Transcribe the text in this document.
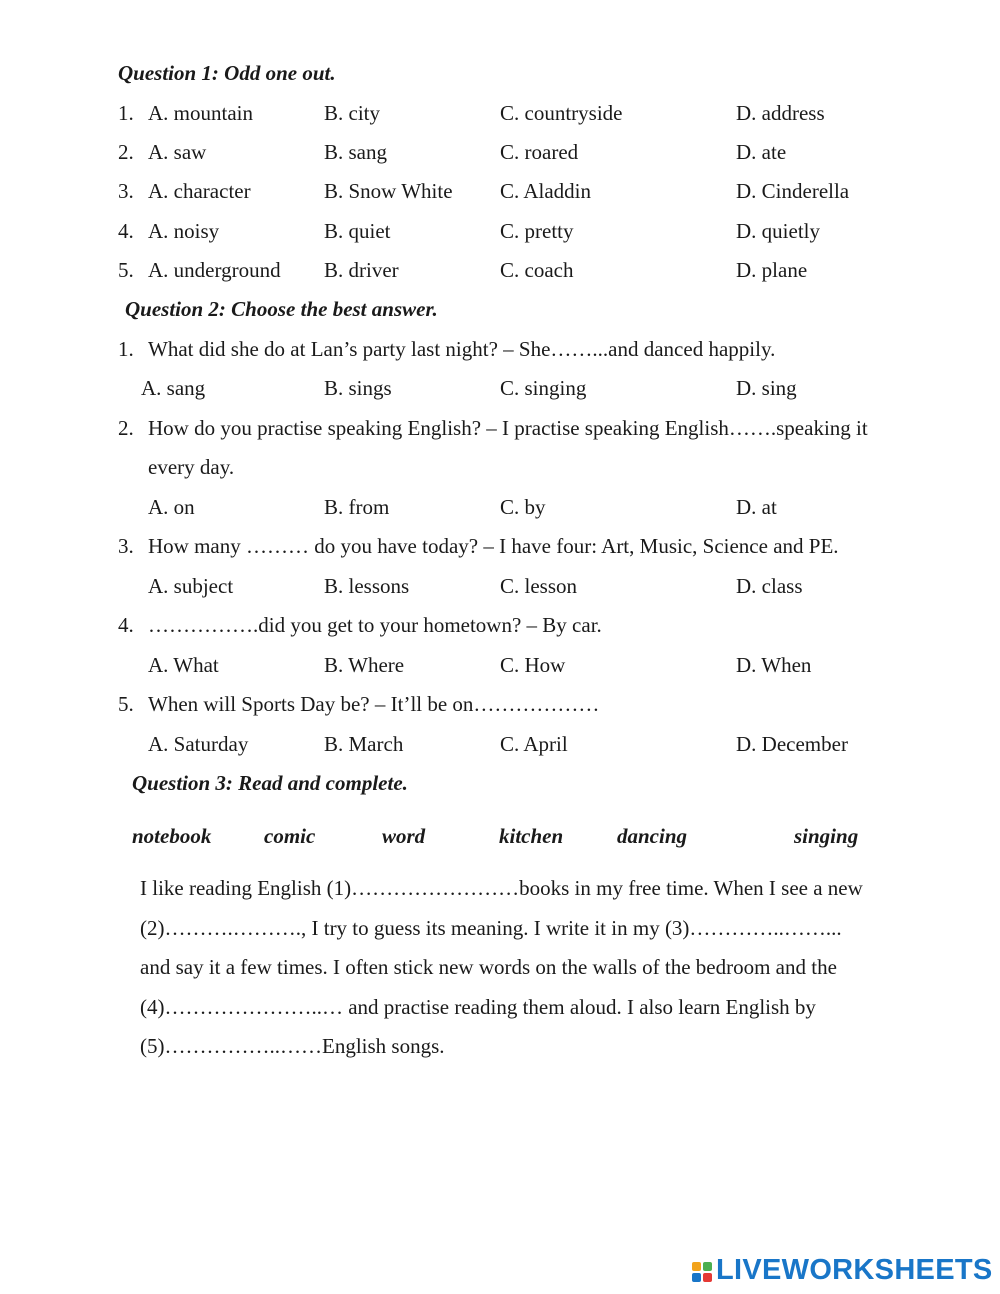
Question 1: Odd one out.
1. A. mountain	B. city	C. countryside	D. address
2. A. saw	B. sang	C. roared	D. ate
3. A. character	B. Snow White C. Aladdin	D. Cinderella
4. A. noisy	B. quiet	C. pretty	D. quietly
5. A. underground B. driver	C. coach	D. plane
Question 2: Choose the best answer.
1. What did she do at Lan’s party last night? – She……...and danced happily.
A. sang	B. sings	C. singing	D. sing
2. How do you practise speaking English? – I practise speaking English…….speaking it
every day.
A. on	B. from	C. by	D. at
3. How many ……… do you have today? – I have four: Art, Music, Science and PE.
A. subject	B. lessons	C. lesson	D. class
4. …………….did you get to your hometown? – By car.
A. What	B. Where	C. How	D. When
5. When will Sports Day be? – It’ll be on………………
A. Saturday	B. March	C. April	D. December
Question 3: Read and complete.
notebook	comic	word	kitchen	dancing	singing
I like reading English (1)……………………books in my free time. When I see a new
(2)……….………., I try to guess its meaning. I write it in my (3)…………..……...
and say it a few times. I often stick new words on the walls of the bedroom and the
(4)…………………..… and practise reading them aloud. I also learn English by
(5)……………..……English songs.
LIVEWORKSHEETS
